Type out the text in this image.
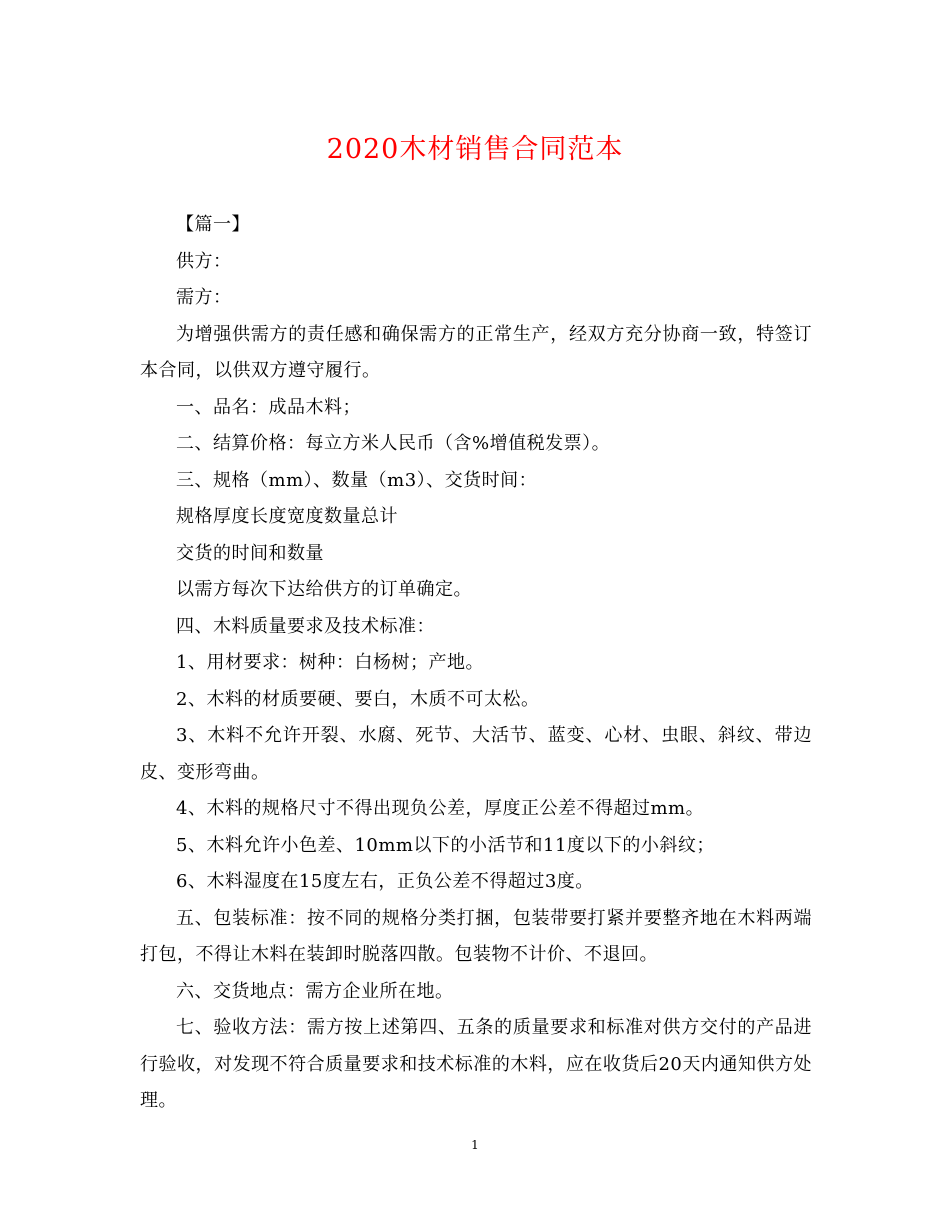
2020木材销售合同范本

【篇一】

供方：

需方：

为增强供需方的责任感和确保需方的正常生产，经双方充分协商一致，特签订本合同，以供双方遵守履行。

一、品名：成品木料；

二、结算价格：每立方米人民币（含%增值税发票）。

三、规格（mm）、数量（m3）、交货时间：

规格厚度长度宽度数量总计

交货的时间和数量

以需方每次下达给供方的订单确定。

四、木料质量要求及技术标准：

1、用材要求：树种：白杨树；产地。

2、木料的材质要硬、要白，木质不可太松。

3、木料不允许开裂、水腐、死节、大活节、蓝变、心材、虫眼、斜纹、带边皮、变形弯曲。

4、木料的规格尺寸不得出现负公差，厚度正公差不得超过mm。

5、木料允许小色差、10mm以下的小活节和11度以下的小斜纹；

6、木料湿度在15度左右，正负公差不得超过3度。

五、包装标准：按不同的规格分类打捆，包装带要打紧并要整齐地在木料两端打包，不得让木料在装卸时脱落四散。包装物不计价、不退回。

六、交货地点：需方企业所在地。

七、验收方法：需方按上述第四、五条的质量要求和标准对供方交付的产品进行验收，对发现不符合质量要求和技术标准的木料，应在收货后20天内通知供方处理。

1
